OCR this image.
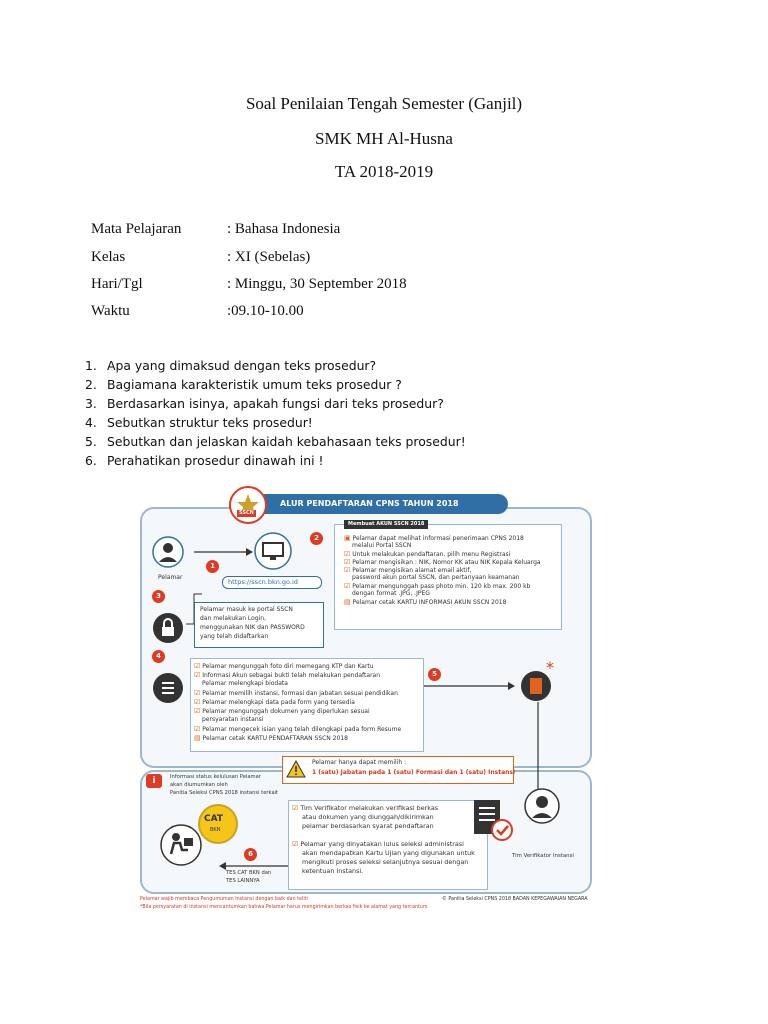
Soal Penilaian Tengah Semester (Ganjil)
SMK MH Al-Husna
TA 2018-2019
Mata Pelajaran	: Bahasa Indonesia
Kelas	: XI (Sebelas)
Hari/Tgl	: Minggu, 30 September 2018
Waktu	:09.10-10.00
1. Apa yang dimaksud dengan teks prosedur?
2. Bagiamana karakteristik umum teks prosedur ?
3. Berdasarkan isinya, apakah fungsi dari teks prosedur?
4. Sebutkan struktur teks prosedur!
5. Sebutkan dan jelaskan kaidah kebahasaan teks prosedur!
6. Perahatikan prosedur dinawah ini !
ALUR PENDAFTARAN CPNS TAHUN 2018
SSCN
Pelamar
1
https://sscn.bkn.go.id
2
Membuat AKUN SSCN 2018
▣ Pelamar dapat melihat informasi penerimaan CPNS 2018
melalui Portal SSCN
☑ Untuk melakukan pendaftaran, pilih menu Registrasi
☑ Pelamar mengisikan : NIK, Nomor KK atau NIK Kepala Keluarga
☑ Pelamar mengisikan alamat email aktif,
password akun portal SSCN, dan pertanyaan keamanan
☑ Pelamar mengunggah pass photo min. 120 kb max. 200 kb
dengan format .JPG, .JPEG
▤ Pelamar cetak KARTU INFORMASI AKUN SSCN 2018
3
Pelamar masuk ke portal SSCN
dan melakukan Login,
menggunakan NIK dan PASSWORD
yang telah didaftarkan
4
☑ Pelamar mengunggah foto diri memegang KTP dan Kartu
☑ Informasi Akun sebagai bukti telah melakukan pendaftaran
Pelamar melengkapi biodata
☑ Pelamar memilih instansi, formasi dan jabatan sesuai pendidikan
☑ Pelamar melengkapi data pada form yang tersedia
☑ Pelamar mengunggah dokumen yang diperlukan sesuai
persyaratan instansi
☑ Pelamar mengecek isian yang telah dilengkapi pada form Resume
▤ Pelamar cetak KARTU PENDAFTARAN SSCN 2018
5	*
Pelamar hanya dapat memilih :
1 (satu) Jabatan pada 1 (satu) Formasi dan 1 (satu) Instansi
i	Informasi status kelulusan Pelamar
akan diumumkan oleh
Panitia Seleksi CPNS 2018 instansi terkait
CAT
BKN
TES CAT BKN dan
TES LAINNYA
6
☑ Tim Verifikator melakukan verifikasi berkas
atau dokumen yang diunggah/dikirimkan
pelamar berdasarkan syarat pendaftaran
☑ Pelamar yang dinyatakan lulus seleksi administrasi
akan mendapatkan Kartu Ujian yang digunakan untuk
mengikuti proses seleksi selanjutnya sesuai dengan
ketentuan instansi.
Tim Verifikator Instansi
Pelamar wajib membaca Pengumuman Instansi dengan baik dan teliti
*Bila persyaratan di instansi mencantumkan bahwa Pelamar harus mengirimkan berkas fisik ke alamat yang tercantum
© Panitia Seleksi CPNS 2018 BADAN KEPEGAWAIAN NEGARA
